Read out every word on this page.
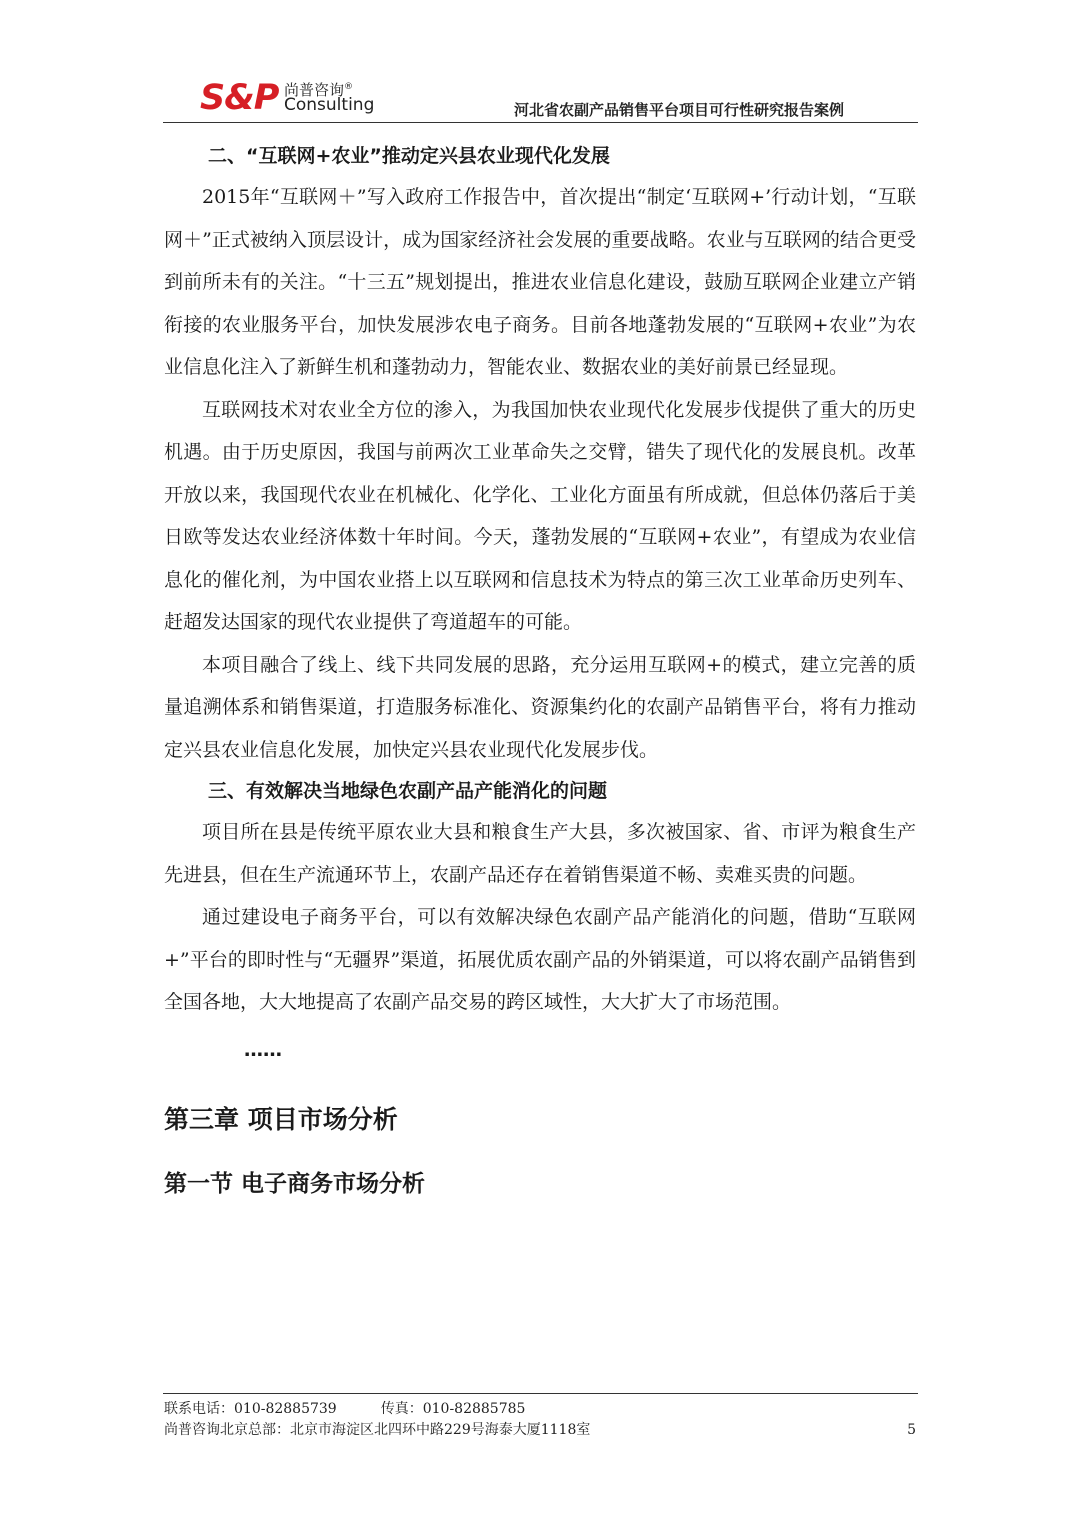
S&P 尚普咨询®
Consulting	河北省农副产品销售平台项目可行性研究报告案例
二、“互联网+农业”推动定兴县农业现代化发展

2015年“互联网＋”写入政府工作报告中，首次提出“制定‘互联网+’行动计划，“互联网＋”正式被纳入顶层设计，成为国家经济社会发展的重要战略。农业与互联网的结合更受到前所未有的关注。“十三五”规划提出，推进农业信息化建设，鼓励互联网企业建立产销衔接的农业服务平台，加快发展涉农电子商务。目前各地蓬勃发展的“互联网+农业”为农业信息化注入了新鲜生机和蓬勃动力，智能农业、数据农业的美好前景已经显现。

互联网技术对农业全方位的渗入，为我国加快农业现代化发展步伐提供了重大的历史机遇。由于历史原因，我国与前两次工业革命失之交臂，错失了现代化的发展良机。改革开放以来，我国现代农业在机械化、化学化、工业化方面虽有所成就，但总体仍落后于美日欧等发达农业经济体数十年时间。今天，蓬勃发展的“互联网+农业”，有望成为农业信息化的催化剂，为中国农业搭上以互联网和信息技术为特点的第三次工业革命历史列车、赶超发达国家的现代农业提供了弯道超车的可能。

本项目融合了线上、线下共同发展的思路，充分运用互联网+的模式，建立完善的质量追溯体系和销售渠道，打造服务标准化、资源集约化的农副产品销售平台，将有力推动定兴县农业信息化发展，加快定兴县农业现代化发展步伐。

三、有效解决当地绿色农副产品产能消化的问题

项目所在县是传统平原农业大县和粮食生产大县，多次被国家、省、市评为粮食生产先进县，但在生产流通环节上，农副产品还存在着销售渠道不畅、卖难买贵的问题。

通过建设电子商务平台，可以有效解决绿色农副产品产能消化的问题，借助“互联网+”平台的即时性与“无疆界”渠道，拓展优质农副产品的外销渠道，可以将农副产品销售到全国各地，大大地提高了农副产品交易的跨区域性，大大扩大了市场范围。

……

第三章 项目市场分析
第一节 电子商务市场分析
联系电话：010-82885739	传真：010-82885785
尚普咨询北京总部：北京市海淀区北四环中路229号海泰大厦1118室	5
